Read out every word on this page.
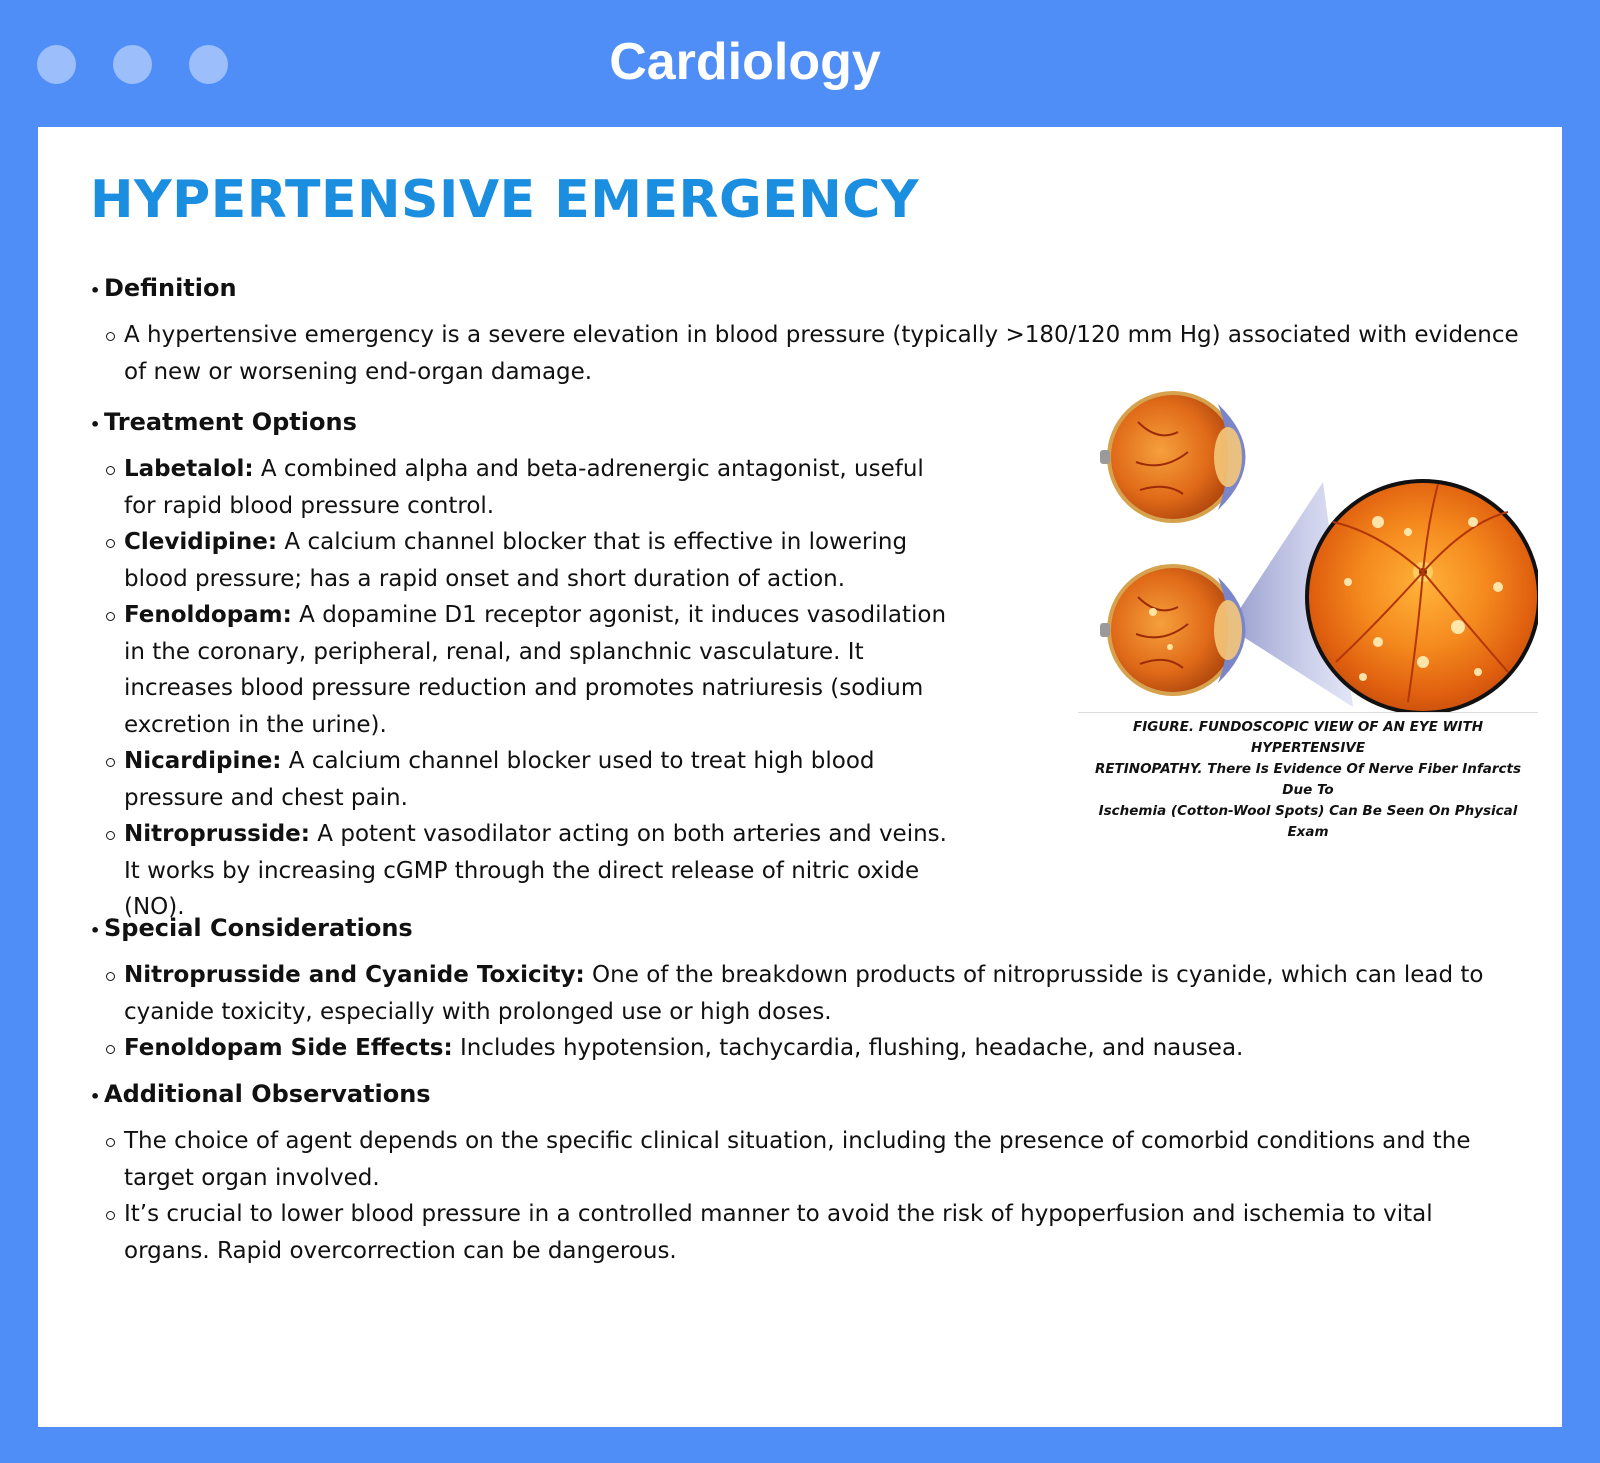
Cardiology
HYPERTENSIVE EMERGENCY
• Definition
A hypertensive emergency is a severe elevation in blood pressure (typically >180/120 mm Hg) associated with evidence of new or worsening end-organ damage.
• Treatment Options
Labetalol: A combined alpha and beta-adrenergic antagonist, useful for rapid blood pressure control.
Clevidipine: A calcium channel blocker that is effective in lowering blood pressure; has a rapid onset and short duration of action.
Fenoldopam: A dopamine D1 receptor agonist, it induces vasodilation in the coronary, peripheral, renal, and splanchnic vasculature. It increases blood pressure reduction and promotes natriuresis (sodium excretion in the urine).
Nicardipine: A calcium channel blocker used to treat high blood pressure and chest pain.
Nitroprusside: A potent vasodilator acting on both arteries and veins. It works by increasing cGMP through the direct release of nitric oxide (NO).
FIGURE. FUNDOSCOPIC VIEW OF AN EYE WITH HYPERTENSIVE
RETINOPATHY. There Is Evidence Of Nerve Fiber Infarcts Due To
Ischemia (Cotton-Wool Spots) Can Be Seen On Physical Exam
• Special Considerations
Nitroprusside and Cyanide Toxicity: One of the breakdown products of nitroprusside is cyanide, which can lead to cyanide toxicity, especially with prolonged use or high doses.
Fenoldopam Side Effects: Includes hypotension, tachycardia, flushing, headache, and nausea.
• Additional Observations
The choice of agent depends on the specific clinical situation, including the presence of comorbid conditions and the target organ involved.
It’s crucial to lower blood pressure in a controlled manner to avoid the risk of hypoperfusion and ischemia to vital organs. Rapid overcorrection can be dangerous.
